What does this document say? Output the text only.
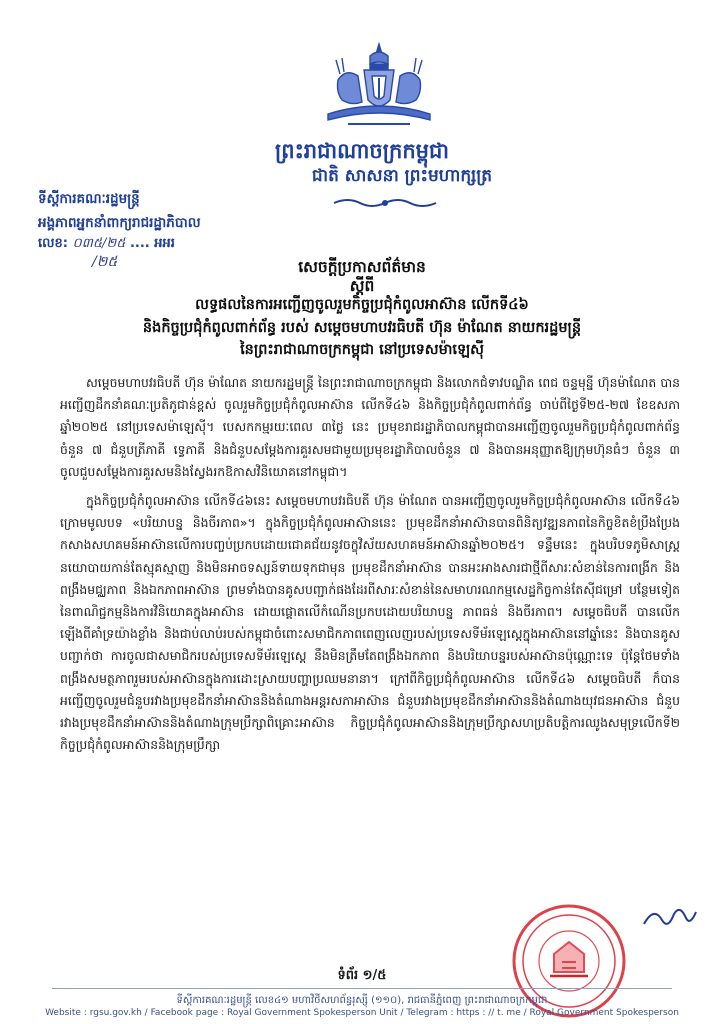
ព្រះរាជាណាចក្រកម្ពុជា
ជាតិ សាសនា ព្រះមហាក្សត្រ
ទីស្តីការគណៈរដ្ឋមន្ត្រី
អង្គភាពអ្នកនាំពាក្យរាជរដ្ឋាភិបាល
លេខ: ០៣៥/២៥ .... អអរ
/២៥	សេចក្តីប្រកាសព័ត៌មាន
ស្តីពី
លទ្ធផលនៃការអញ្ជើញចូលរួមកិច្ចប្រជុំកំពូលអាស៊ាន លើកទី៤៦
និងកិច្ចប្រជុំកំពូលពាក់ព័ន្ធ របស់ សម្តេចមហាបវរធិបតី ហ៊ុន ម៉ាណែត នាយករដ្ឋមន្ត្រី
នៃព្រះរាជាណាចក្រកម្ពុជា នៅប្រទេសម៉ាឡេស៊ី
សម្តេចមហាបវរធិបតី ហ៊ុន ម៉ាណែត នាយករដ្ឋមន្ត្រី នៃព្រះរាជាណាចក្រកម្ពុជា និងលោកជំទាវបណ្ឌិត ពេជ ចន្ទមុន្នី ហ៊ុនម៉ាណែត បានអញ្ជើញដឹកនាំគណៈប្រតិភូជាន់ខ្ពស់ ចូលរួមកិច្ចប្រជុំកំពូលអាស៊ាន លើកទី៤៦ និងកិច្ចប្រជុំកំពូលពាក់ព័ន្ធ ចាប់ពីថ្ងៃទី២៥-២៧ ខែឧសភា ឆ្នាំ២០២៥ នៅប្រទេសម៉ាឡេស៊ី។ បេសកកម្មរយៈពេល ៣ថ្ងៃ នេះ ប្រមុខរាជរដ្ឋាភិបាលកម្ពុជាបានអញ្ជើញចូលរួមកិច្ចប្រជុំកំពូលពាក់ព័ន្ធចំនួន ៧ ជំនួបត្រីភាគី ទ្វេភាគី និងជំនួបសម្តែងការគួរសមជាមួយប្រមុខរដ្ឋាភិបាលចំនួន ៧ និងបានអនុញ្ញាតឱ្យក្រុមហ៊ុនធំៗ ចំនួន ៣ ចូលជួបសម្តែងការគួរសមនិងស្វែងរកឱកាសវិនិយោគនៅកម្ពុជា។
ក្នុងកិច្ចប្រជុំកំពូលអាស៊ាន លើកទី៤៦នេះ សម្តេចមហាបវរធិបតី ហ៊ុន ម៉ាណែត បានអញ្ជើញចូលរួមកិច្ចប្រជុំកំពូលអាស៊ាន លើកទី៤៦ ក្រោមមូលបទ «បរិយាបន្ន និងចីរភាព»។ ក្នុងកិច្ចប្រជុំកំពូលអាស៊ាននេះ ប្រមុខដឹកនាំអាស៊ានបានពិនិត្យវឌ្ឍនភាពនៃកិច្ចខិតខំប្រឹងប្រែងកសាងសហគមន៍អាស៊ានលើការបញ្ចប់ប្រកបដោយជោគជ័យនូវចក្ខុវិស័យសហគមន៍អាស៊ានឆ្នាំ២០២៥។ ទន្ទឹមនេះ ក្នុងបរិបទភូមិសាស្ត្រនយោបាយកាន់តែស្មុគស្មាញ និងមិនអាចទស្សន៍ទាយទុកជាមុន ប្រមុខដឹកនាំអាស៊ាន បានអះអាងសារជាថ្មីពីសារៈសំខាន់នៃការពង្រីក និងពង្រឹងមជ្ឈភាព និងឯកភាពអាស៊ាន ព្រមទាំងបានគូសបញ្ជាក់ផងដែរពីសារៈសំខាន់នៃសមាហរណកម្មសេដ្ឋកិច្ចកាន់តែស៊ីជម្រៅ បន្ថែមទៀតនៃពាណិជ្ជកម្មនិងការវិនិយោគក្នុងអាស៊ាន ដោយផ្តោតលើកំណើនប្រកបដោយបរិយាបន្ន ភាពធន់ និងចីរភាព។ សម្តេចធិបតី បានលើកឡើងពីគាំទ្រយ៉ាងខ្លាំង និងជាប់លាប់របស់កម្ពុជាចំពោះសមាជិកភាពពេញលេញរបស់ប្រទេសទីម័រឡេស្តេក្នុងអាស៊ាននៅឆ្នាំនេះ និងបានគូសបញ្ជាក់ថា ការចូលជាសមាជិករបស់ប្រទេសទីម័រឡេស្តេ នឹងមិនត្រឹមតែពង្រឹងឯកភាព និងបរិយាបន្នរបស់អាស៊ានប៉ុណ្ណោះទេ ប៉ុន្តែថែមទាំងពង្រឹងសមត្ថភាពរួមរបស់អាស៊ានក្នុងការដោះស្រាយបញ្ហាប្រឈមនានា។ ក្រៅពីកិច្ចប្រជុំកំពូលអាស៊ាន លើកទី៤៦ សម្តេចធិបតី ក៏បានអញ្ជើញចូលរួមជំនួបរវាងប្រមុខដឹកនាំអាស៊ាននិងតំណាងអន្តរសភាអាស៊ាន ជំនួបរវាងប្រមុខដឹកនាំអាស៊ាននិងតំណាងយុវជនអាស៊ាន ជំនួបរវាងប្រមុខដឹកនាំអាស៊ាននិងតំណាងក្រុមប្រឹក្សាពិគ្រោះអាស៊ាន កិច្ចប្រជុំកំពូលអាស៊ាននិងក្រុមប្រឹក្សាសហប្រតិបត្តិការឈូងសមុទ្រលើកទី២ កិច្ចប្រជុំកំពូលអាស៊ាននិងក្រុមប្រឹក្សា
ទំព័រ ១/៥
ទីស្តីការគណៈរដ្ឋមន្ត្រី លេខ៤១ មហាវិថីសហព័ន្ធរុស្ស៊ី (១១០), រាជធានីភ្នំពេញ ព្រះរាជាណាចក្រកម្ពុជា
Website : rgsu.gov.kh / Facebook page : Royal Government Spokesperson Unit / Telegram : https : // t. me / Royal Government Spokesperson
